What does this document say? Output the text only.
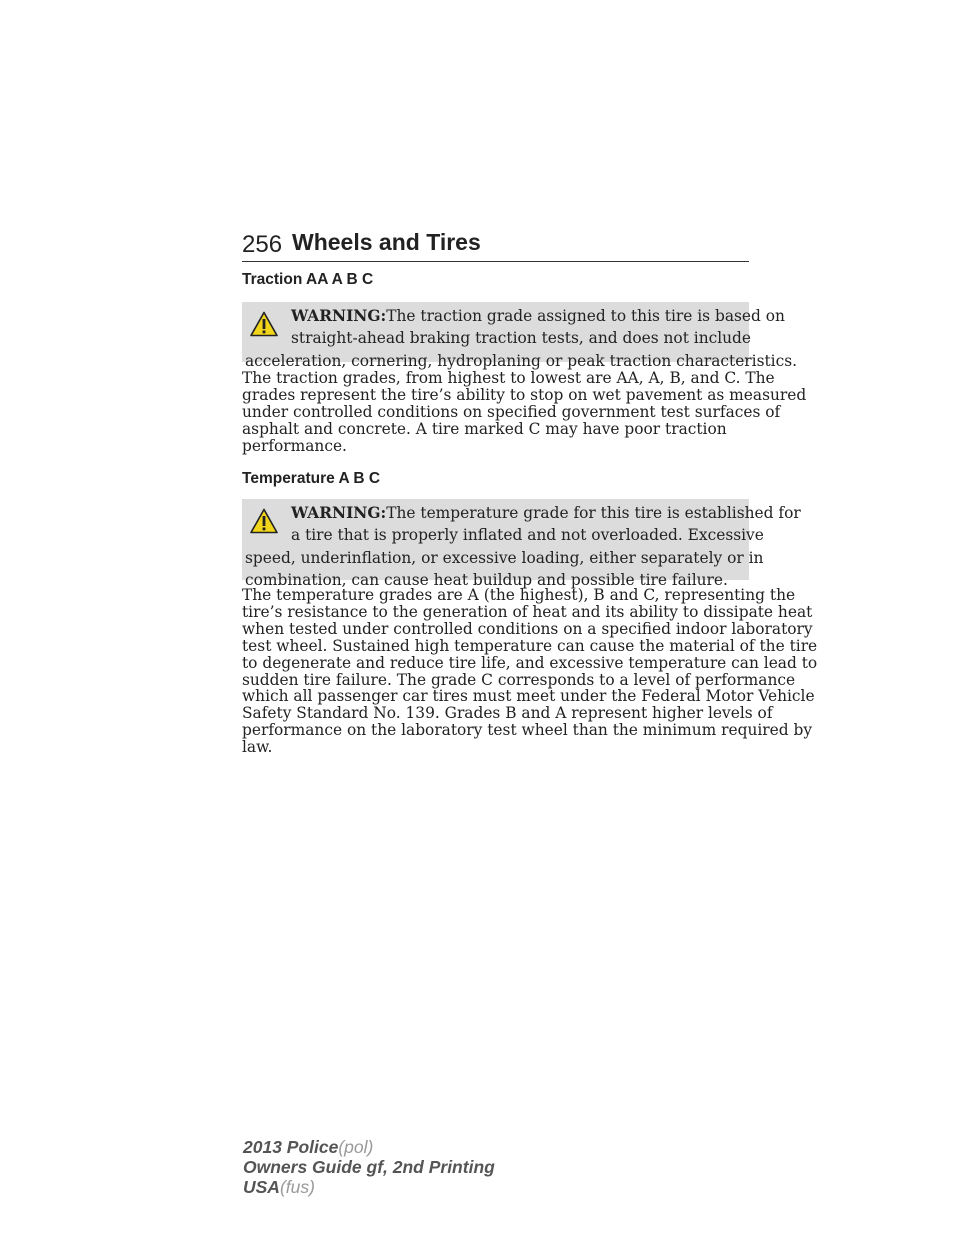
256 Wheels and Tires
Traction AA A B C
WARNING:The traction grade assigned to this tire is based on
straight-ahead braking traction tests, and does not include
acceleration, cornering, hydroplaning or peak traction characteristics.
The traction grades, from highest to lowest are AA, A, B, and C. The
grades represent the tire’s ability to stop on wet pavement as measured
under controlled conditions on specified government test surfaces of
asphalt and concrete. A tire marked C may have poor traction
performance.
Temperature A B C
WARNING:The temperature grade for this tire is established for
a tire that is properly inflated and not overloaded. Excessive
speed, underinflation, or excessive loading, either separately or in
combination, can cause heat buildup and possible tire failure.
The temperature grades are A (the highest), B and C, representing the
tire’s resistance to the generation of heat and its ability to dissipate heat
when tested under controlled conditions on a specified indoor laboratory
test wheel. Sustained high temperature can cause the material of the tire
to degenerate and reduce tire life, and excessive temperature can lead to
sudden tire failure. The grade C corresponds to a level of performance
which all passenger car tires must meet under the Federal Motor Vehicle
Safety Standard No. 139. Grades B and A represent higher levels of
performance on the laboratory test wheel than the minimum required by
law.
2013 Police(pol)
Owners Guide gf, 2nd Printing
USA(fus)
